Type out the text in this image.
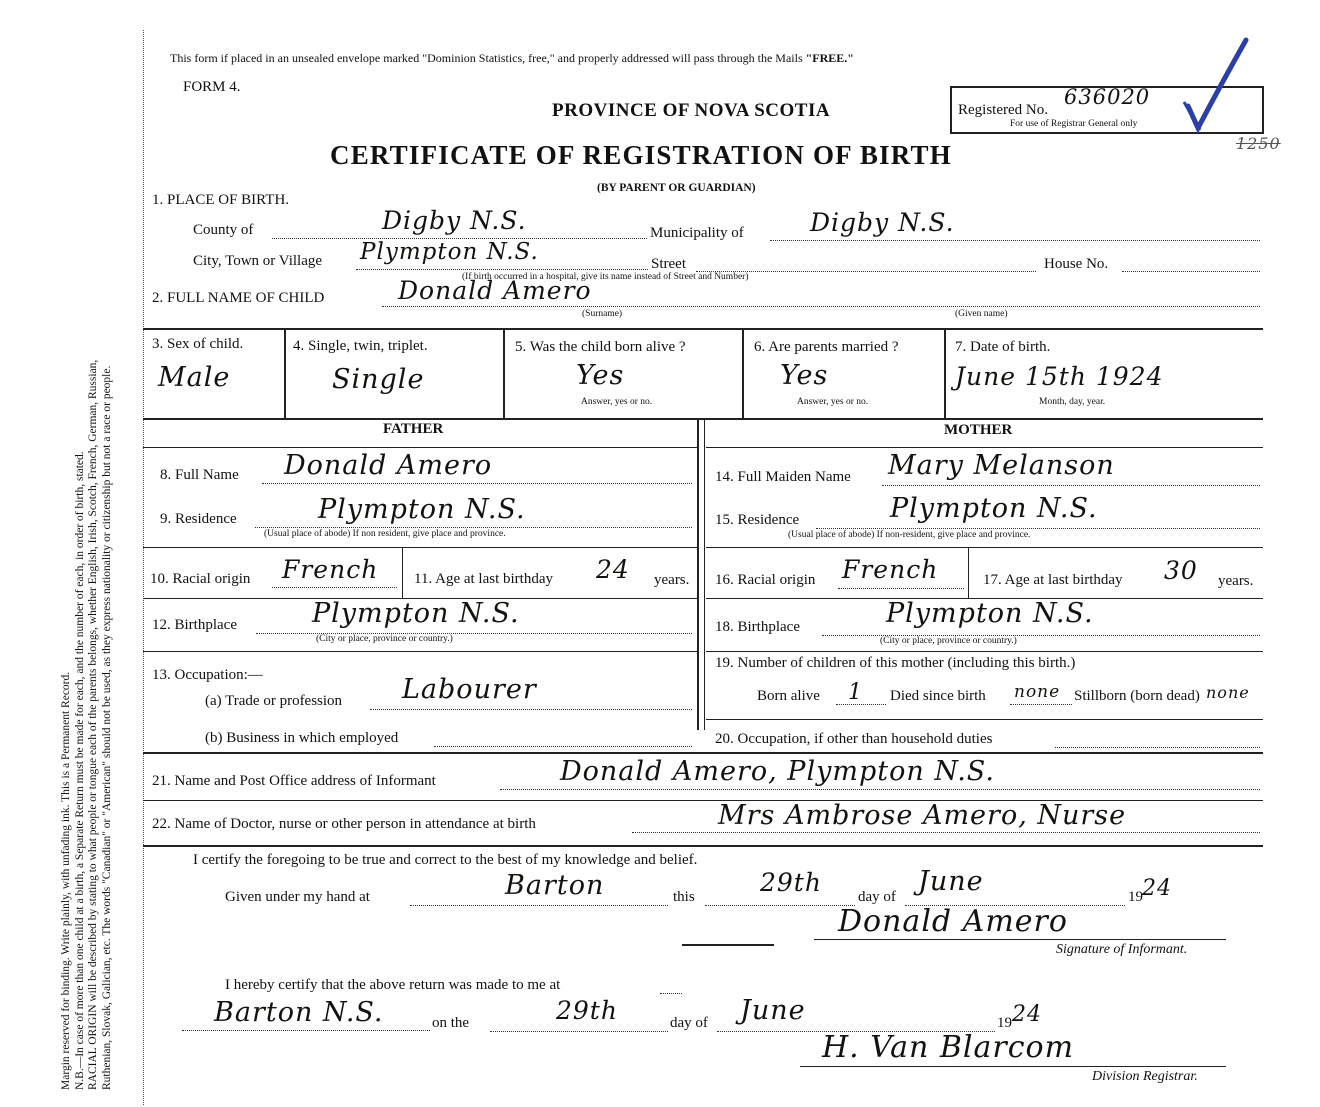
Margin reserved for binding. Write plainly, with unfading ink. This is a Permanent Record. N.B.—In case of more than one child at a birth, a Separate Return must be made for each, and the number of each, in order of birth, stated. RACIAL ORIGIN will be described by stating to what people or tongue each of the parents belongs, whether English, Irish, Scotch, French, German, Russian, Ruthenian, Slovak, Galician, etc. The words "Canadian" or "American" should not be used, as they express nationality or citizenship but not a race or people.
This form if placed in an unsealed envelope marked "Dominion Statistics, free," and properly addressed will pass through the Mails "FREE."
FORM 4.
PROVINCE OF NOVA SCOTIA
CERTIFICATE OF REGISTRATION OF BIRTH
(BY PARENT OR GUARDIAN)
Registered No.
636020
For use of Registrar General only
1250
1. PLACE OF BIRTH.
County of	Digby N.S.	Municipality of	Digby N.S.
City, Town or Village Plympton N.S.	Street	House No.
(If birth occurred in a hospital, give its name instead of Street and Number)
2. FULL NAME OF CHILD	Donald Amero
(Surname)	(Given name)
3. Sex of child.
Male
4. Single, twin, triplet.
Single
5. Was the child born alive ?
Yes
Answer, yes or no.
6. Are parents married ?
Yes
Answer, yes or no.
7. Date of birth.
June 15th 1924
Month, day, year.
FATHER	MOTHER
8. Full Name Donald Amero
9. Residence	Plympton N.S.
(Usual place of abode) If non resident, give place and province.
10. Racial origin French 11. Age at last birthday 24 years.
12. Birthplace	Plympton N.S.
(City or place, province or country.)
13. Occupation:—
(a) Trade or profession Labourer
(b) Business in which employed
14. Full Maiden Name Mary Melanson
15. Residence	Plympton N.S.
(Usual place of abode) If non-resident, give place and province.
16. Racial origin French	17. Age at last birthday 30 years.
18. Birthplace	Plympton N.S.
(City or place, province or country.)
19. Number of children of this mother (including this birth.)
Born alive 1 Died since birth none Stillborn (born dead) none
20. Occupation, if other than household duties
21. Name and Post Office address of Informant	Donald Amero, Plympton N.S.
22. Name of Doctor, nurse or other person in attendance at birth	Mrs Ambrose Amero, Nurse
I certify the foregoing to be true and correct to the best of my knowledge and belief.
Given under my hand at	Barton	this	29th day of June	19 24
Donald Amero
Signature of Informant.
I hereby certify that the above return was made to me at
Barton N.S.	on the	29th	day of June	19 24
H. Van Blarcom
Division Registrar.
